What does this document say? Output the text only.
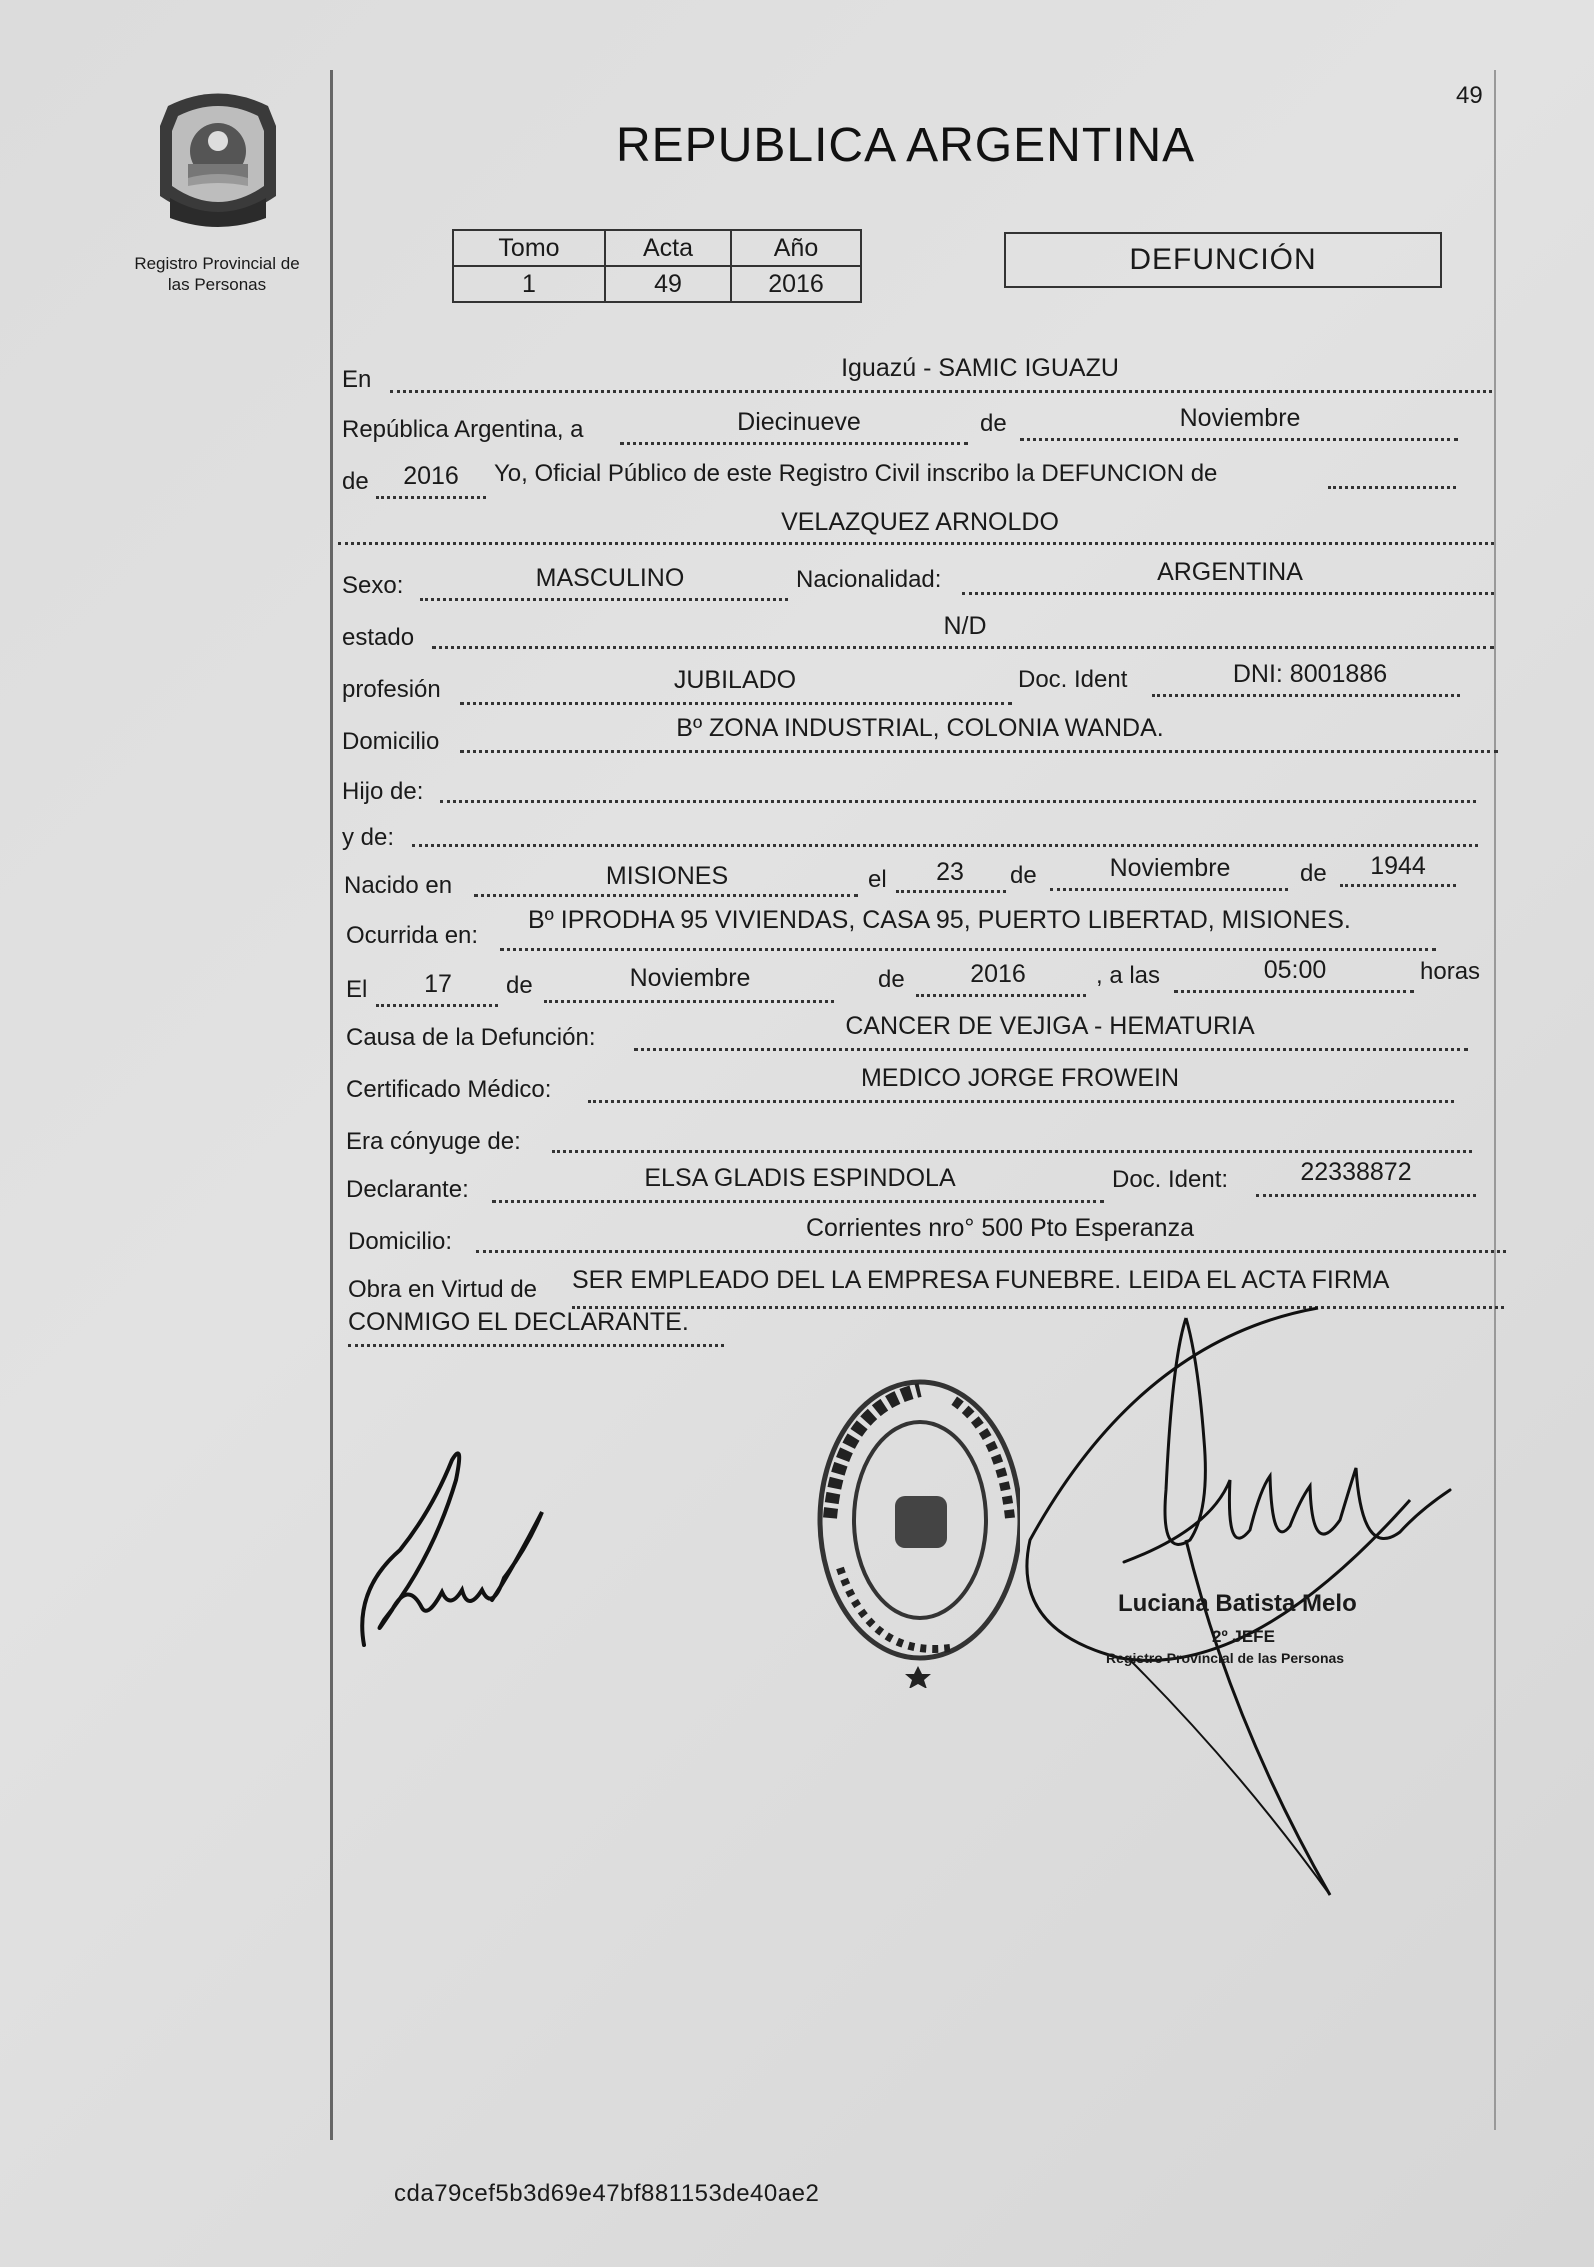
49
Registro Provincial de
las Personas
REPUBLICA ARGENTINA
Tomo	Acta	Año
1	49	2016
DEFUNCIÓN
En	Iguazú - SAMIC IGUAZU
República Argentina, a	Diecinueve	de	Noviembre
de	2016	Yo, Oficial Público de este Registro Civil inscribo la DEFUNCION de
VELAZQUEZ ARNOLDO
Sexo:	MASCULINO	Nacionalidad:	ARGENTINA
estado	N/D
profesión	JUBILADO	Doc. Ident	DNI: 8001886
Domicilio	Bº ZONA INDUSTRIAL, COLONIA WANDA.
Hijo de:
y de:
Nacido en	MISIONES	el	23	de	Noviembre	de	1944
Ocurrida en:
Bº IPRODHA 95 VIVIENDAS, CASA 95, PUERTO LIBERTAD, MISIONES.
El	17	de	Noviembre	de	2016	, a las	05:00	horas
Causa de la Defunción:	CANCER DE VEJIGA - HEMATURIA
Certificado Médico:	MEDICO JORGE FROWEIN
Era cónyuge de:
Declarante:	ELSA GLADIS ESPINDOLA	Doc. Ident:	22338872
Domicilio:	Corrientes nro° 500 Pto Esperanza
Obra en Virtud de SER EMPLEADO DEL LA EMPRESA FUNEBRE. LEIDA EL ACTA FIRMA
CONMIGO EL DECLARANTE.
Luciana Batista Melo
2º JEFE
Registro Provincial de las Personas
cda79cef5b3d69e47bf881153de40ae2
